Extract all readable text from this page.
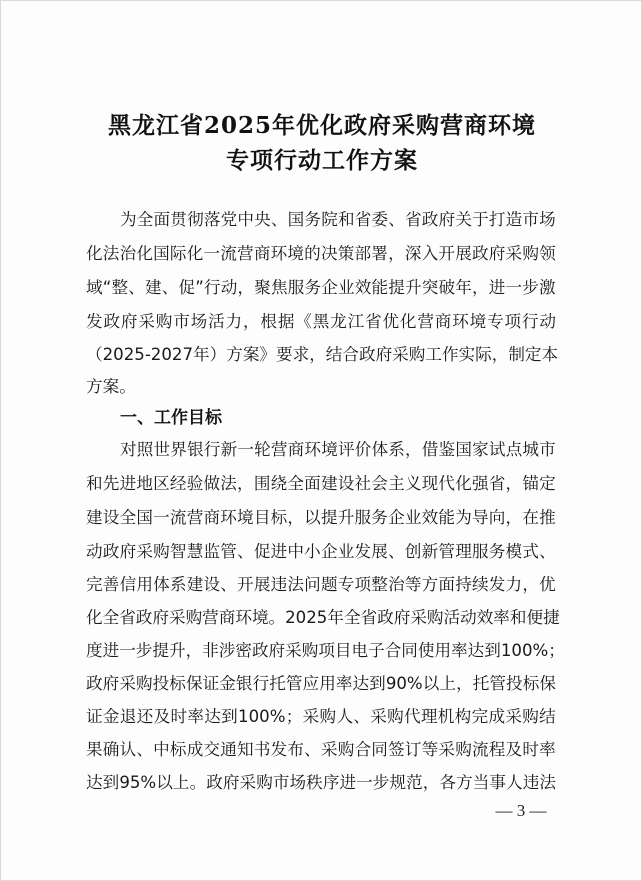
黑龙江省2025年优化政府采购营商环境
专项行动工作方案
为 全 面 贯 彻 落 党 中 央 、 国 务 院 和 省 委 、 省 政 府 关 于 打 造 市 场
化 法 治 化 国 际 化 一 流 营 商 环 境 的 决 策 部 署 ， 深 入 开 展 政 府 采 购 领
域 “ 整 、 建 、 促 ” 行 动 ， 聚 焦 服 务 企 业 效 能 提 升 突 破 年 ， 进 一 步 激
发 政 府 采 购 市 场 活 力 ， 根 据 《 黑 龙 江 省 优 化 营 商 环 境 专 项 行 动
（ 2025-2027 年 ） 方 案 》 要 求 ， 结 合 政 府 采 购 工 作 实 际 ， 制 定 本
方 案 。
一、工作目标
对 照 世 界 银 行 新 一 轮 营 商 环 境 评 价 体 系 ， 借 鉴 国 家 试 点 城 市
和 先 进 地 区 经 验 做 法 ， 围 绕 全 面 建 设 社 会 主 义 现 代 化 强 省 ， 锚 定
建 设 全 国 一 流 营 商 环 境 目 标 ， 以 提 升 服 务 企 业 效 能 为 导 向 ， 在 推
动 政 府 采 购 智 慧 监 管 、 促 进 中 小 企 业 发 展 、 创 新 管 理 服 务 模 式 、
完 善 信 用 体 系 建 设 、 开 展 违 法 问 题 专 项 整 治 等 方 面 持 续 发 力 ， 优
化 全 省 政 府 采 购 营 商 环 境 。 2025 年 全 省 政 府 采 购 活 动 效 率 和 便 捷
度 进 一 步 提 升 ， 非 涉 密 政 府 采 购 项 目 电 子 合 同 使 用 率 达 到 100% ；
政 府 采 购 投 标 保 证 金 银 行 托 管 应 用 率 达 到 90% 以 上 ， 托 管 投 标 保
证 金 退 还 及 时 率 达 到 100% ； 采 购 人 、 采 购 代 理 机 构 完 成 采 购 结
果 确 认 、 中 标 成 交 通 知 书 发 布 、 采 购 合 同 签 订 等 采 购 流 程 及 时 率
达 到 95% 以 上 。 政 府 采 购 市 场 秩 序 进 一 步 规 范 ， 各 方 当 事 人 违 法
— 3 —
